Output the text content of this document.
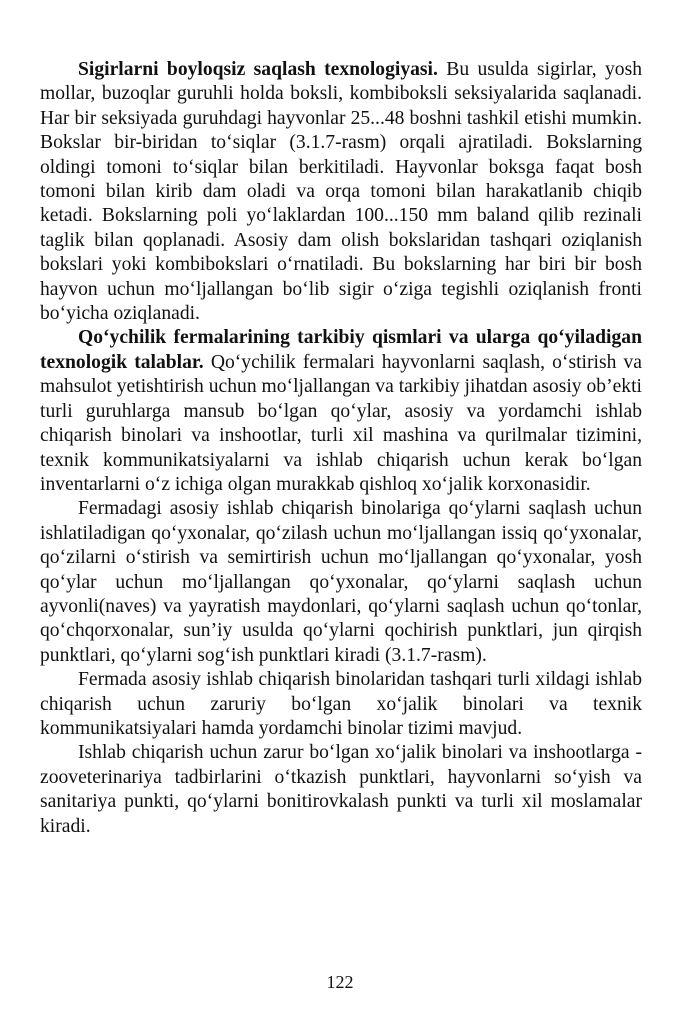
Sigirlarni boyloqsiz saqlash texnologiyasi. Bu usulda sigirlar, yosh mollar, buzoqlar guruhli holda boksli, kombiboksli seksiyalarida saqlanadi. Har bir seksiyada guruhdagi hayvonlar 25...48 boshni tashkil etishi mumkin. Bokslar bir-biridan to‘siqlar (3.1.7-rasm) orqali ajratiladi. Bokslarning oldingi tomoni to‘siqlar bilan berkitiladi. Hayvonlar boksga faqat bosh tomoni bilan kirib dam oladi va orqa tomoni bilan harakatlanib chiqib ketadi. Bokslarning poli yo‘laklardan 100...150 mm baland qilib rezinali taglik bilan qoplanadi. Asosiy dam olish bokslaridan tashqari oziqlanish bokslari yoki kombibokslari o‘rnatiladi. Bu bokslarning har biri bir bosh hayvon uchun mo‘ljallangan bo‘lib sigir o‘ziga tegishli oziqlanish fronti bo‘yicha oziqlanadi.

Qo‘ychilik fermalarining tarkibiy qismlari va ularga qo‘yiladigan texnologik talablar. Qo‘ychilik fermalari hayvonlarni saqlash, o‘stirish va mahsulot yetishtirish uchun mo‘ljallangan va tarkibiy jihatdan asosiy ob’ekti turli guruhlarga mansub bo‘lgan qo‘ylar, asosiy va yordamchi ishlab chiqarish binolari va inshootlar, turli xil mashina va qurilmalar tizimini, texnik kommunikatsiyalarni va ishlab chiqarish uchun kerak bo‘lgan inventarlarni o‘z ichiga olgan murakkab qishloq xo‘jalik korxonasidir.

Fermadagi asosiy ishlab chiqarish binolariga qo‘ylarni saqlash uchun ishlatiladigan qo‘yxonalar, qo‘zilash uchun mo‘ljallangan issiq qo‘yxonalar, qo‘zilarni o‘stirish va semirtirish uchun mo‘ljallangan qo‘yxonalar, yosh qo‘ylar uchun mo‘ljallangan qo‘yxonalar, qo‘ylarni saqlash uchun ayvonli(naves) va yayratish maydonlari, qo‘ylarni saqlash uchun qo‘tonlar, qo‘chqorxonalar, sun’iy usulda qo‘ylarni qochirish punktlari, jun qirqish punktlari, qo‘ylarni sog‘ish punktlari kiradi (3.1.7-rasm).

Fermada asosiy ishlab chiqarish binolaridan tashqari turli xildagi ishlab chiqarish uchun zaruriy bo‘lgan xo‘jalik binolari va texnik kommunikatsiyalari hamda yordamchi binolar tizimi mavjud.

Ishlab chiqarish uchun zarur bo‘lgan xo‘jalik binolari va inshootlarga - zooveterinariya tadbirlarini o‘tkazish punktlari, hayvonlarni so‘yish va sanitariya punkti, qo‘ylarni bonitirovkalash punkti va turli xil moslamalar kiradi.

122
